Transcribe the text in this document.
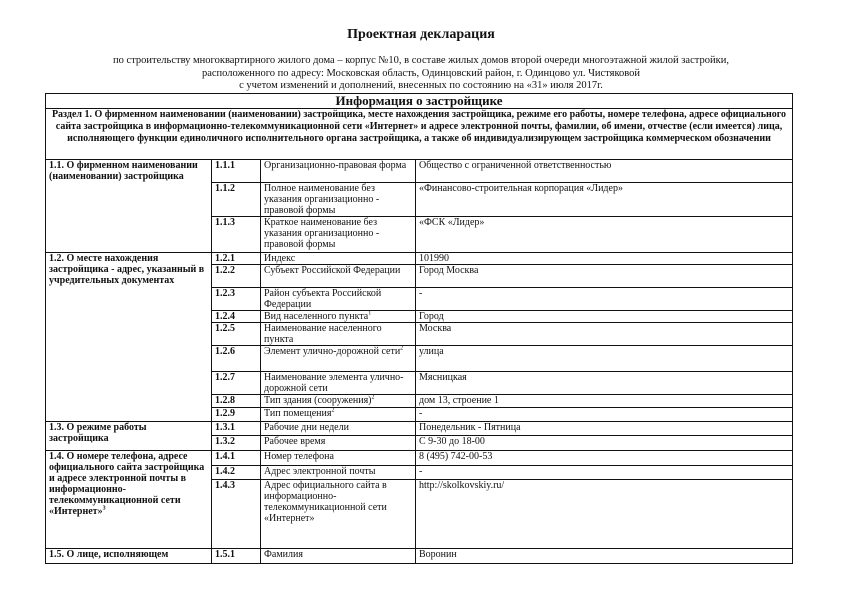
Проектная декларация
по строительству многоквартирного жилого дома – корпус №10, в составе жилых домов второй очереди многоэтажной жилой застройки,
расположенного по адресу: Московская область, Одинцовский район, г. Одинцово ул. Чистяковой
с учетом изменений и дополнений, внесенных по состоянию на «31» июля 2017г.
Информация о застройщике			
Раздел 1. О фирменном наименовании (наименовании) застройщика, месте нахождения застройщика, режиме его работы, номере телефона, адресе официального сайта застройщика в информационно-телекоммуникационной сети «Интернет» и адресе электронной почты, фамилии, об имени, отчестве (если имеется) лица, исполняющего функции единоличного исполнительного органа застройщика, а также об индивидуализирующем застройщика коммерческом обозначении			
1.1. О фирменном наименовании (наименовании) застройщика	1.1.1	Организационно-правовая форма	Общество с ограниченной ответственностью
	1.1.2	Полное наименование без указания организационно - правовой формы	«Финансово-строительная корпорация «Лидер»
	1.1.3	Краткое наименование без указания организационно - правовой формы	«ФСК «Лидер»
1.2. О месте нахождения застройщика - адрес, указанный в учредительных документах	1.2.1	Индекс	101990
	1.2.2	Субъект Российской Федерации	Город Москва
	1.2.3	Район субъекта Российской Федерации	-
	1.2.4	Вид населенного пункта$^1$	Город
	1.2.5	Наименование населенного пункта	Москва
	1.2.6	Элемент улично-дорожной сети$^2$	улица
	1.2.7	Наименование элемента улично-дорожной сети	Мясницкая
	1.2.8	Тип здания (сооружения)$^2$	дом 13, строение 1
	1.2.9	Тип помещения$^2$	-
1.3. О режиме работы застройщика	1.3.1	Рабочие дни недели	Понедельник - Пятница
	1.3.2	Рабочее время	С 9-30 до 18-00
1.4. О номере телефона, адресе официального сайта застройщика и адресе электронной почты в информационно-телекоммуникационной сети «Интернет»$^3$	1.4.1	Номер телефона	8 (495) 742-00-53
	1.4.2	Адрес электронной почты	-
	1.4.3	Адрес официального сайта в информационно-телекоммуникационной сети «Интернет»	http://skolkovskiy.ru/
1.5. О лице, исполняющем	1.5.1	Фамилия	Воронин
